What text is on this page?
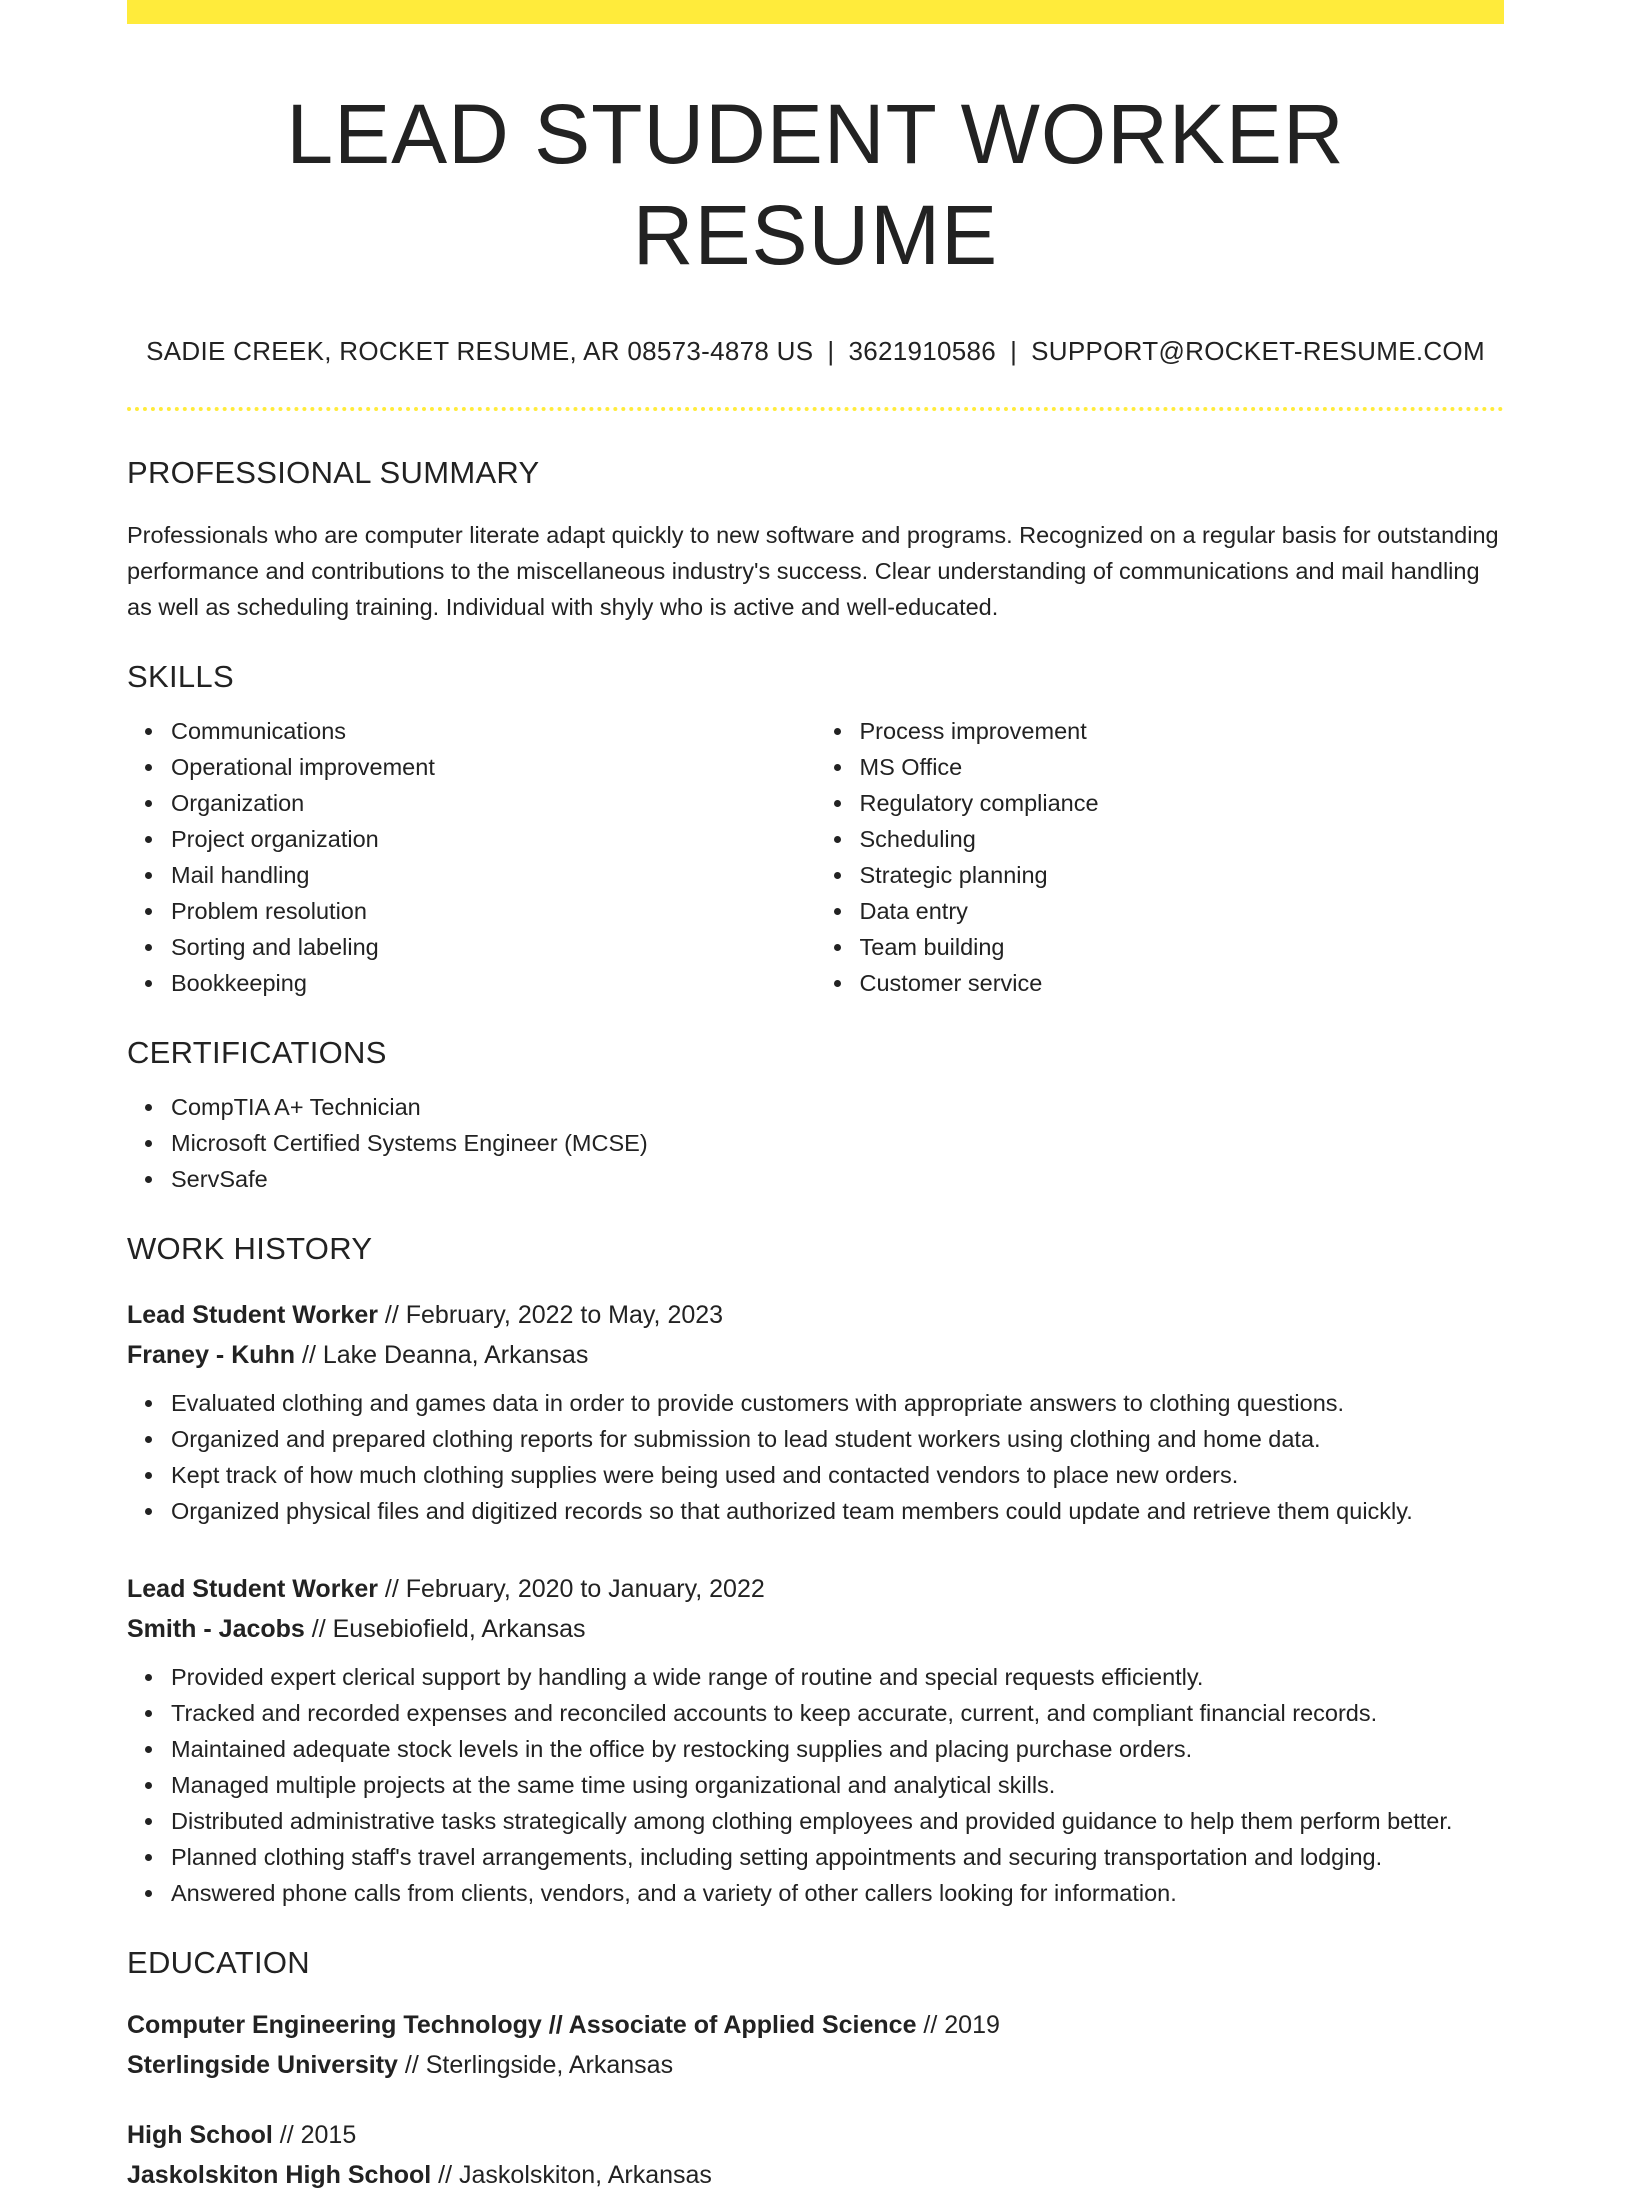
LEAD STUDENT WORKER RESUME
SADIE CREEK, ROCKET RESUME, AR 08573-4878 US | 3621910586 | SUPPORT@ROCKET-RESUME.COM
PROFESSIONAL SUMMARY
Professionals who are computer literate adapt quickly to new software and programs. Recognized on a regular basis for outstanding performance and contributions to the miscellaneous industry's success. Clear understanding of communications and mail handling as well as scheduling training. Individual with shyly who is active and well-educated.
SKILLS
Communications
Operational improvement
Organization
Project organization
Mail handling
Problem resolution
Sorting and labeling
Bookkeeping
Process improvement
MS Office
Regulatory compliance
Scheduling
Strategic planning
Data entry
Team building
Customer service
CERTIFICATIONS
CompTIA A+ Technician
Microsoft Certified Systems Engineer (MCSE)
ServSafe
WORK HISTORY
Lead Student Worker // February, 2022 to May, 2023
Franey - Kuhn // Lake Deanna, Arkansas
Evaluated clothing and games data in order to provide customers with appropriate answers to clothing questions.
Organized and prepared clothing reports for submission to lead student workers using clothing and home data.
Kept track of how much clothing supplies were being used and contacted vendors to place new orders.
Organized physical files and digitized records so that authorized team members could update and retrieve them quickly.
Lead Student Worker // February, 2020 to January, 2022
Smith - Jacobs // Eusebiofield, Arkansas
Provided expert clerical support by handling a wide range of routine and special requests efficiently.
Tracked and recorded expenses and reconciled accounts to keep accurate, current, and compliant financial records.
Maintained adequate stock levels in the office by restocking supplies and placing purchase orders.
Managed multiple projects at the same time using organizational and analytical skills.
Distributed administrative tasks strategically among clothing employees and provided guidance to help them perform better.
Planned clothing staff's travel arrangements, including setting appointments and securing transportation and lodging.
Answered phone calls from clients, vendors, and a variety of other callers looking for information.
EDUCATION
Computer Engineering Technology // Associate of Applied Science // 2019
Sterlingside University // Sterlingside, Arkansas
High School // 2015
Jaskolskiton High School // Jaskolskiton, Arkansas
